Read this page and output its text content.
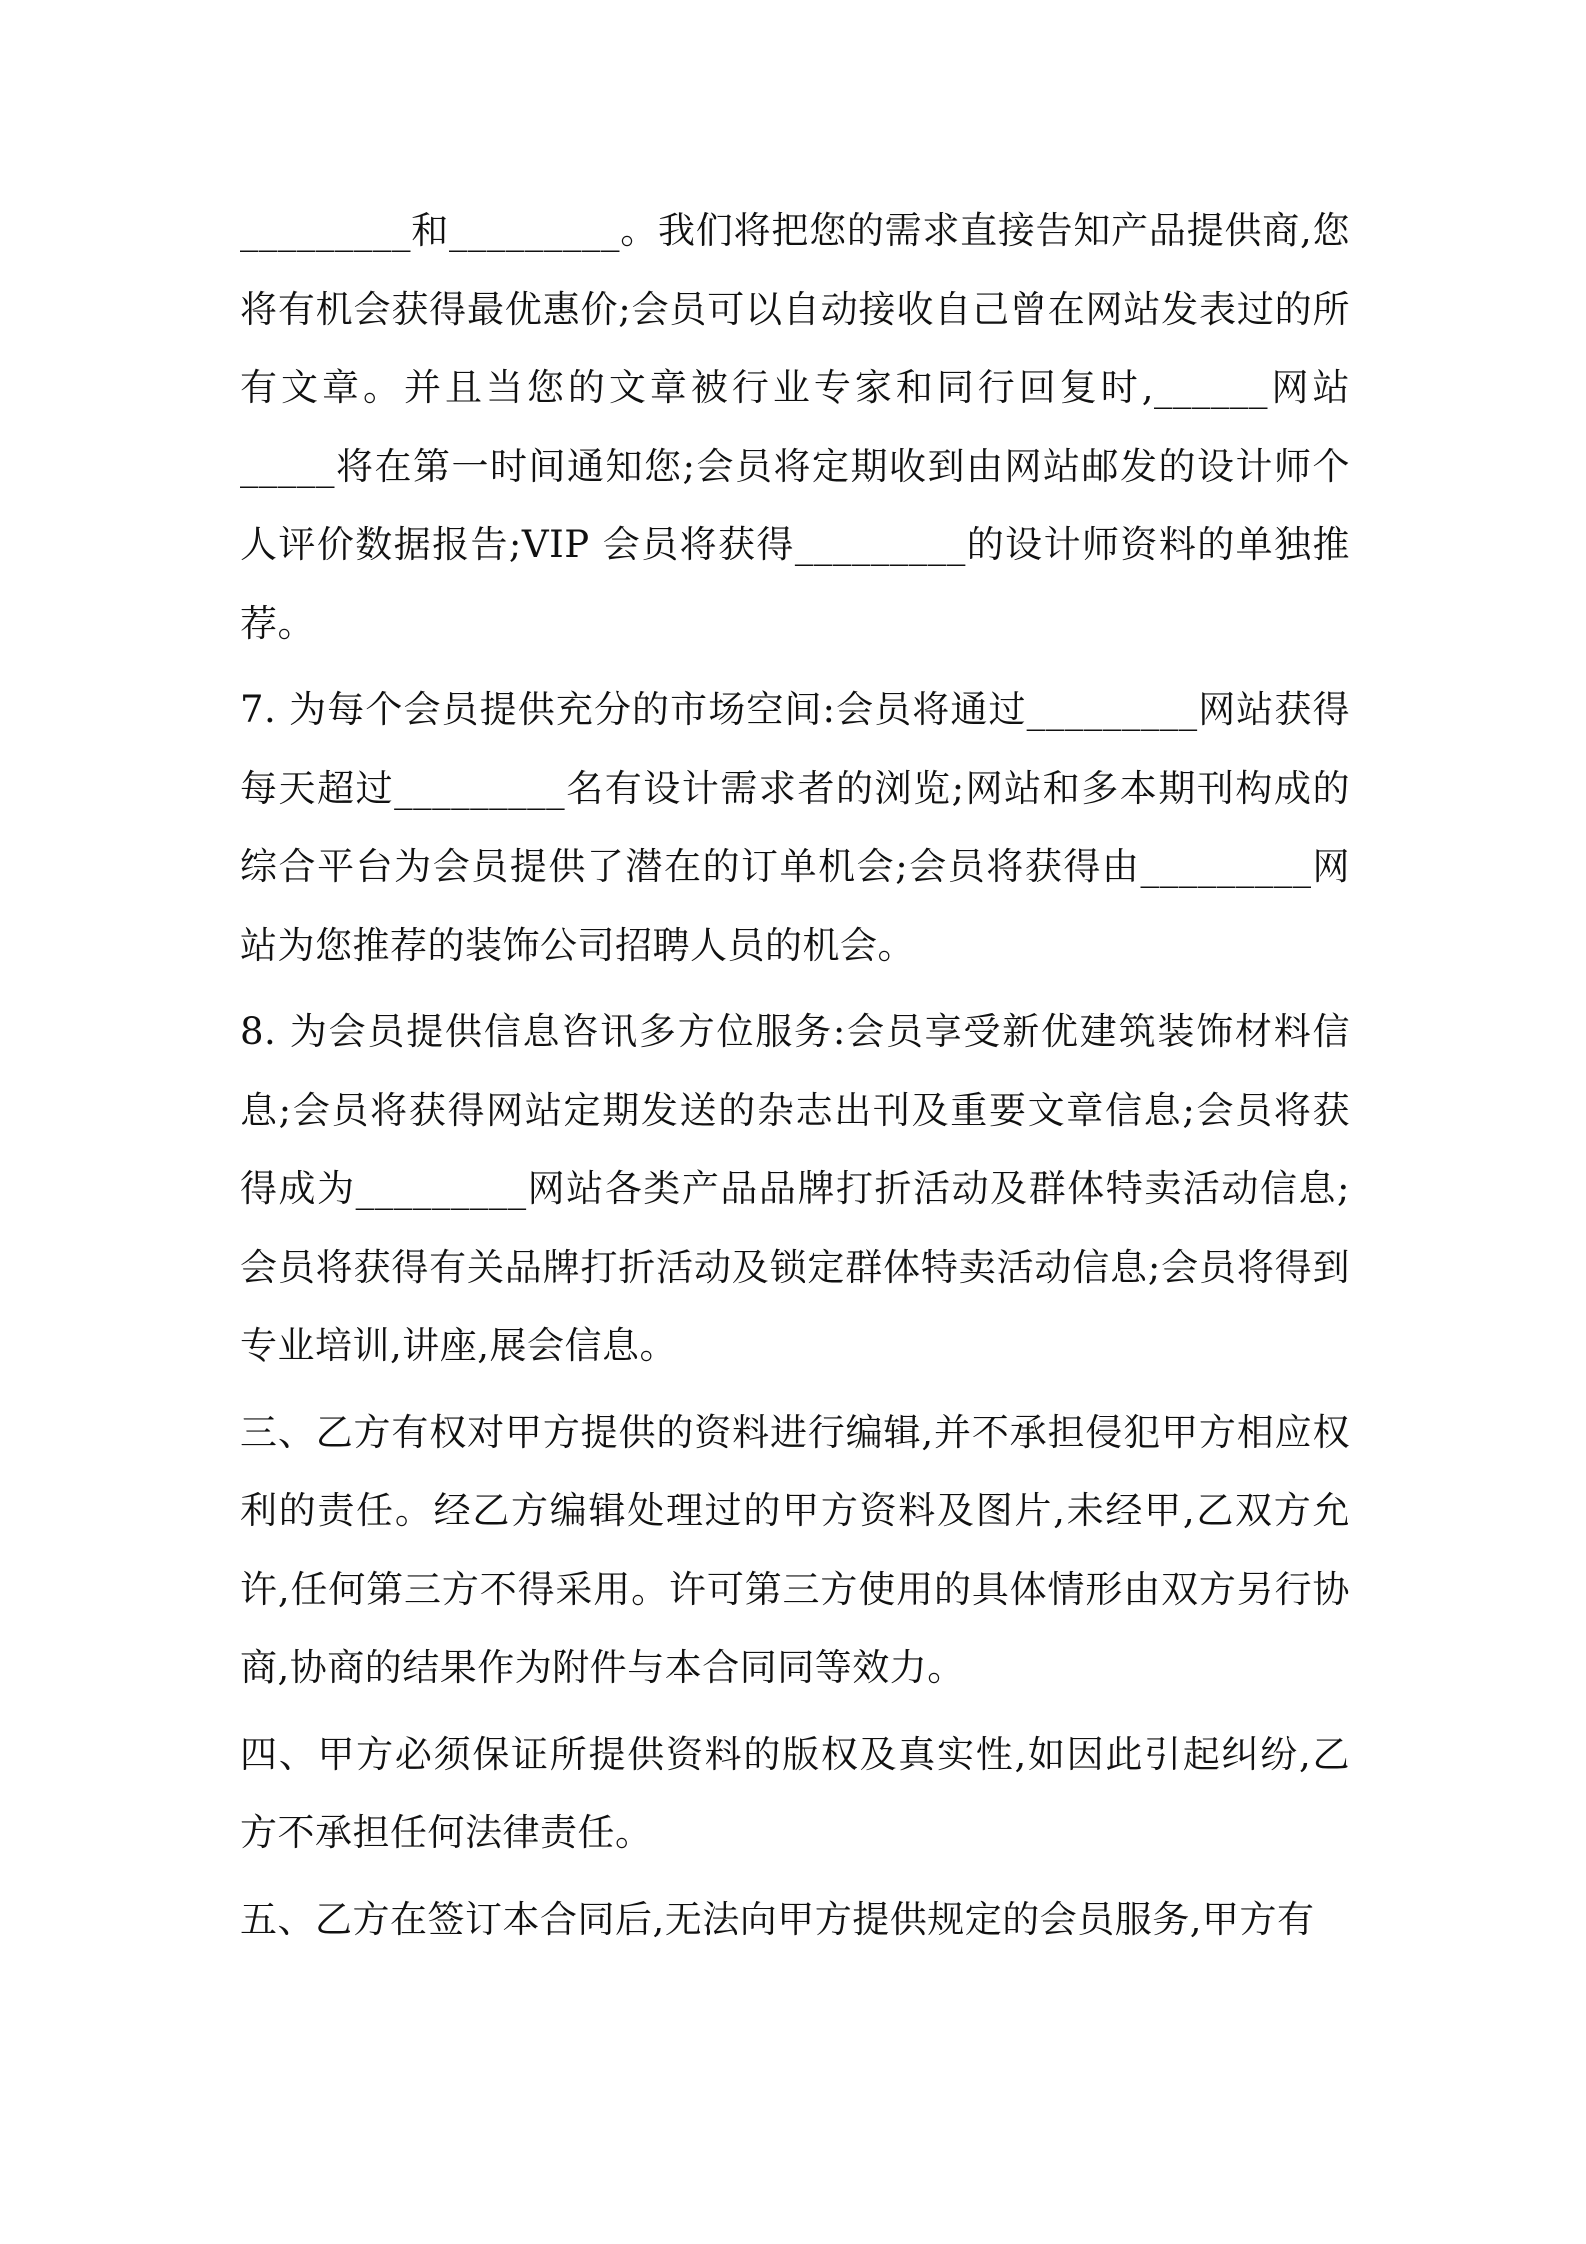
_________和_________。我们将把您的需求直接告知产品提供商,您将有机会获得最优惠价;会员可以自动接收自己曾在网站发表过的所有文章。并且当您的文章被行业专家和同行回复时,______网站_____将在第一时间通知您;会员将定期收到由网站邮发的设计师个人评价数据报告;VIP 会员将获得_________的设计师资料的单独推荐。

7. 为每个会员提供充分的市场空间:会员将通过_________网站获得每天超过_________名有设计需求者的浏览;网站和多本期刊构成的综合平台为会员提供了潜在的订单机会;会员将获得由_________网站为您推荐的装饰公司招聘人员的机会。

8. 为会员提供信息咨讯多方位服务:会员享受新优建筑装饰材料信息;会员将获得网站定期发送的杂志出刊及重要文章信息;会员将获得成为_________网站各类产品品牌打折活动及群体特卖活动信息;会员将获得有关品牌打折活动及锁定群体特卖活动信息;会员将得到专业培训,讲座,展会信息。

三、乙方有权对甲方提供的资料进行编辑,并不承担侵犯甲方相应权利的责任。经乙方编辑处理过的甲方资料及图片,未经甲,乙双方允许,任何第三方不得采用。许可第三方使用的具体情形由双方另行协商,协商的结果作为附件与本合同同等效力。

四、甲方必须保证所提供资料的版权及真实性,如因此引起纠纷,乙方不承担任何法律责任。

五、乙方在签订本合同后,无法向甲方提供规定的会员服务,甲方有
